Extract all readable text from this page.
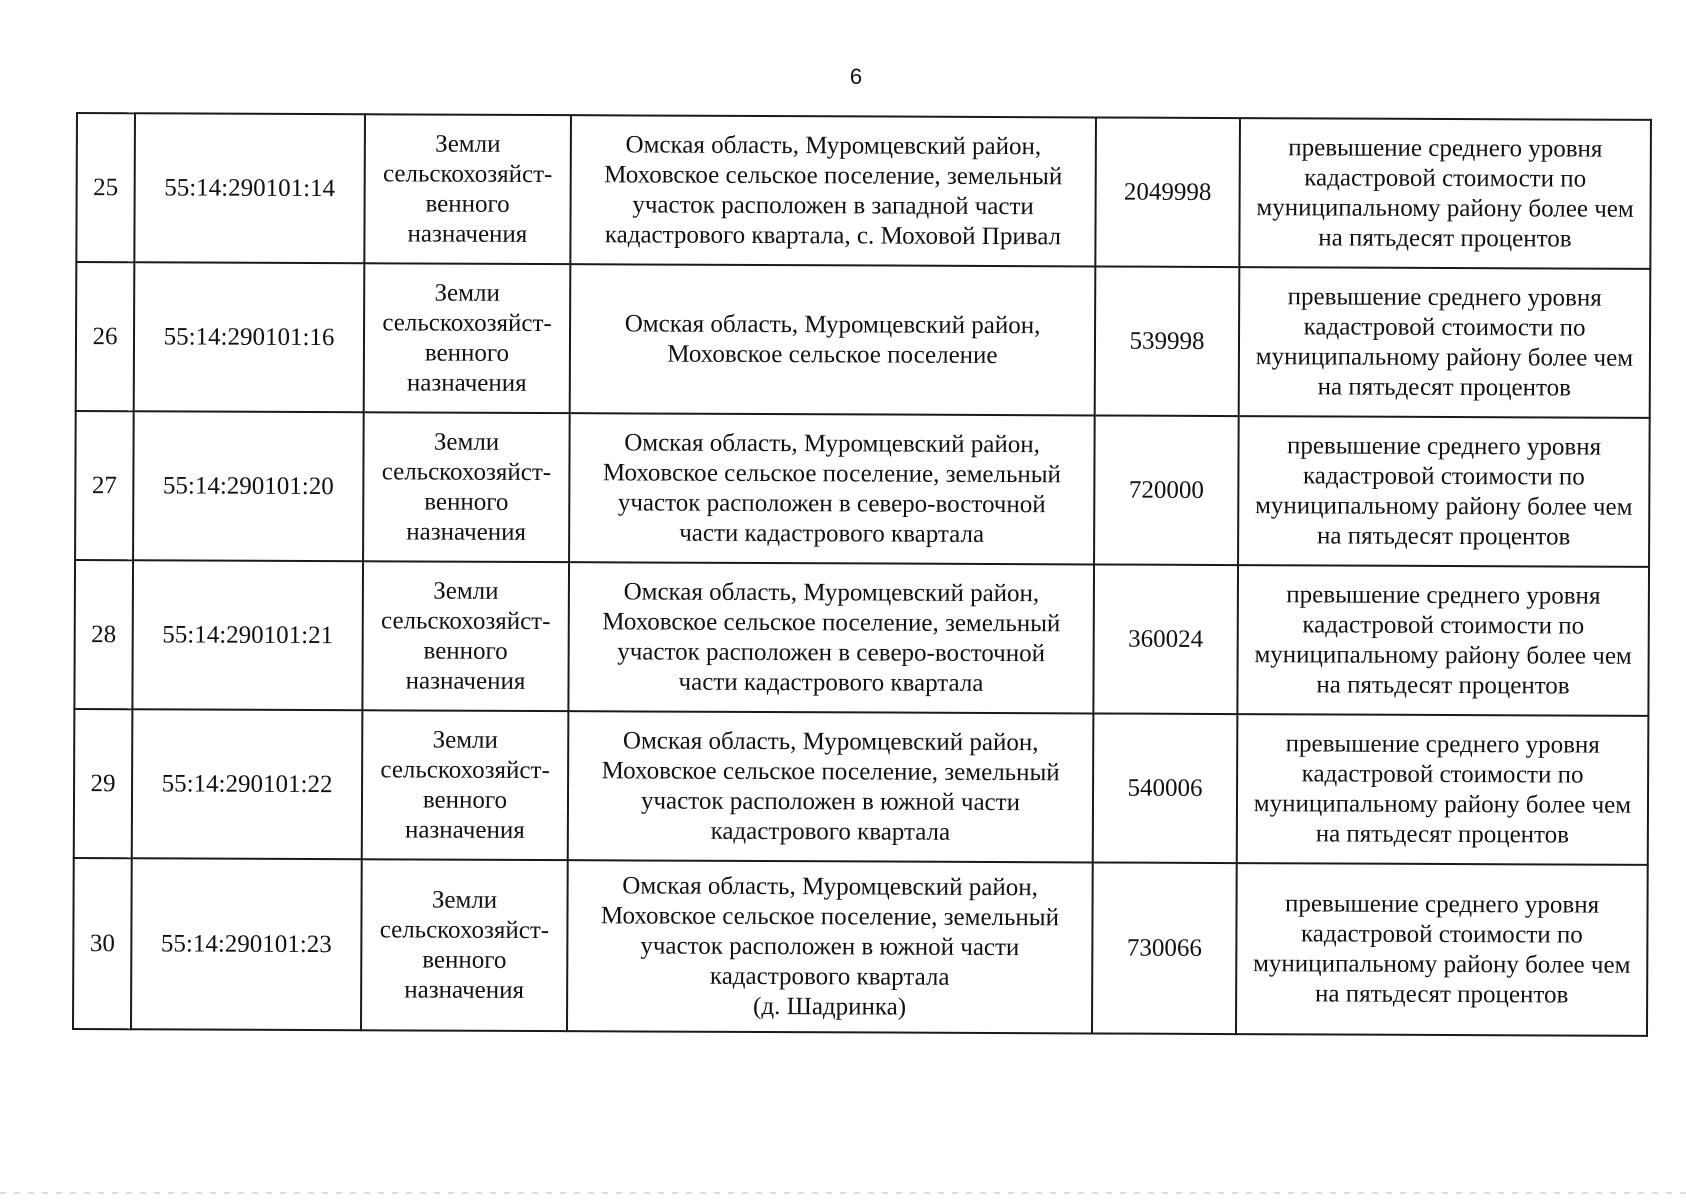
6
25	55:14:290101:14	Земли
сельскохозяйст-
венного
назначения	Омская область, Муромцевский район,
Моховское сельское поселение, земельный
участок расположен в западной части
кадастрового квартала, с. Моховой Привал	2049998	превышение среднего уровня
кадастровой стоимости по
муниципальному району более чем
на пятьдесят процентов

26	55:14:290101:16	Земли
сельскохозяйст-
венного
назначения	Омская область, Муромцевский район,
Моховское сельское поселение	539998	превышение среднего уровня
кадастровой стоимости по
муниципальному району более чем
на пятьдесят процентов

27	55:14:290101:20	Земли
сельскохозяйст-
венного
назначения	Омская область, Муромцевский район,
Моховское сельское поселение, земельный
участок расположен в северо-восточной
части кадастрового квартала	720000	превышение среднего уровня
кадастровой стоимости по
муниципальному району более чем
на пятьдесят процентов

28	55:14:290101:21	Земли
сельскохозяйст-
венного
назначения	Омская область, Муромцевский район,
Моховское сельское поселение, земельный
участок расположен в северо-восточной
части кадастрового квартала	360024	превышение среднего уровня
кадастровой стоимости по
муниципальному району более чем
на пятьдесят процентов

29	55:14:290101:22	Земли
сельскохозяйст-
венного
назначения	Омская область, Муромцевский район,
Моховское сельское поселение, земельный
участок расположен в южной части
кадастрового квартала	540006	превышение среднего уровня
кадастровой стоимости по
муниципальному району более чем
на пятьдесят процентов

30	55:14:290101:23	Земли
сельскохозяйст-
венного
назначения	Омская область, Муромцевский район,
Моховское сельское поселение, земельный
участок расположен в южной части
кадастрового квартала
(д. Шадринка)	730066	превышение среднего уровня
кадастровой стоимости по
муниципальному району более чем
на пятьдесят процентов
